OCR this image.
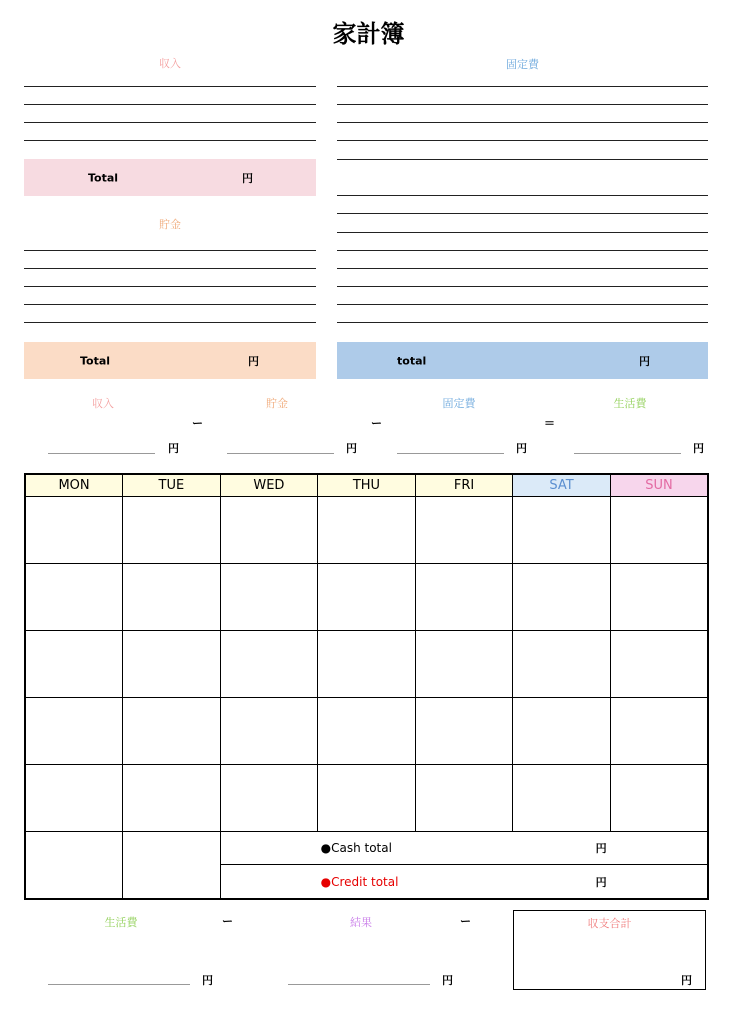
家計簿
収入
Total	円
貯金
Total	円
固定費
total	円
収入	貯金	固定費	生活費
ー	ー	＝
円	円	円	円
MON	TUE	WED	THU	FRI	SAT	SUN

		●Cash total 円				

		●Credit total 円				
生活費	ー	結果	ー
円	円
収支合計
円
